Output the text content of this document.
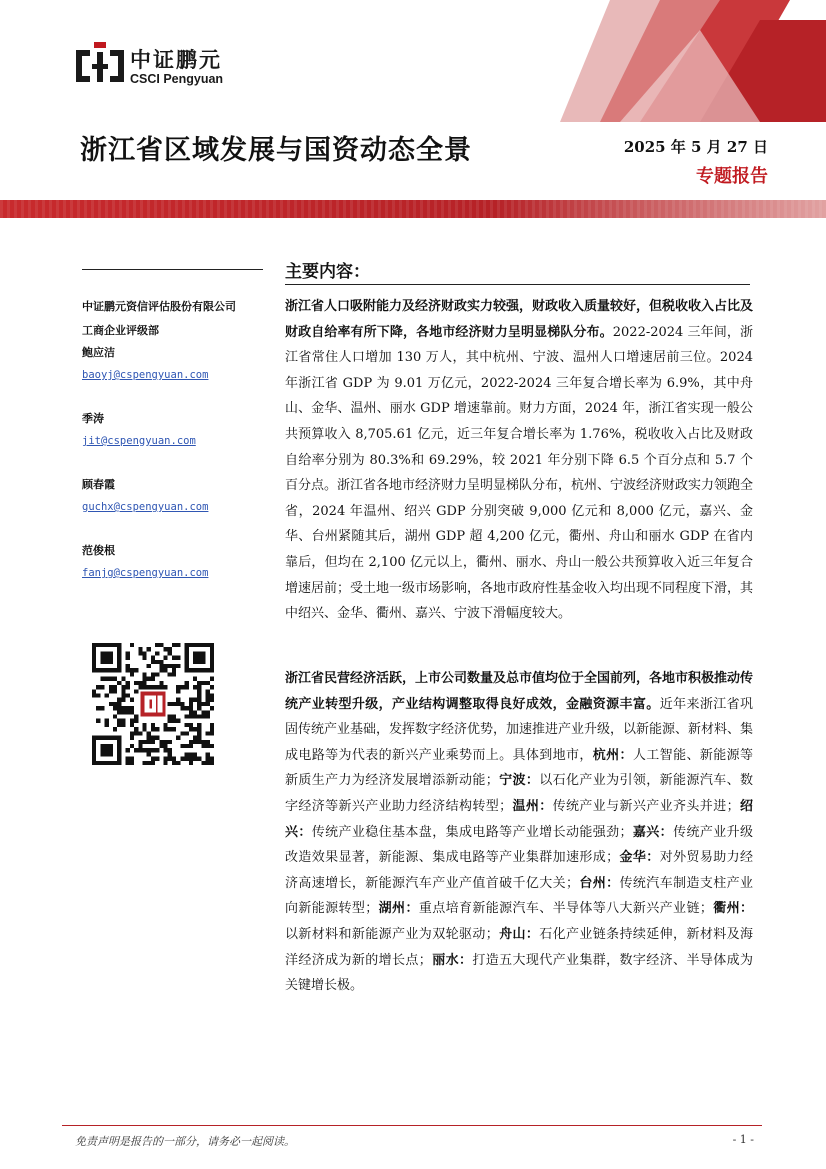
中证鹏元
CSCI Pengyuan
浙江省区域发展与国资动态全景	2025 年 5 月 27 日
专题报告
中证鹏元资信评估股份有限公司
工商企业评级部
鲍应洁
baoyj@cspengyuan.com
季涛
jit@cspengyuan.com
顾春霞
guchx@cspengyuan.com
范俊根
fanjg@cspengyuan.com
主要内容：
浙江省人口吸附能力及经济财政实力较强，财政收入质量较好，但税收收入占比及财政自给率有所下降，各地市经济财力呈明显梯队分布。2022-2024 三年间，浙江省常住人口增加 130 万人，其中杭州、宁波、温州人口增速居前三位。2024 年浙江省 GDP 为 9.01 万亿元，2022-2024 三年复合增长率为 6.9%，其中舟山、金华、温州、丽水 GDP 增速靠前。财力方面，2024 年，浙江省实现一般公共预算收入 8,705.61 亿元，近三年复合增长率为 1.76%，税收收入占比及财政自给率分别为 80.3%和 69.29%，较 2021 年分别下降 6.5 个百分点和 5.7 个百分点。浙江省各地市经济财力呈明显梯队分布，杭州、宁波经济财政实力领跑全省，2024 年温州、绍兴 GDP 分别突破 9,000 亿元和 8,000 亿元，嘉兴、金华、台州紧随其后，湖州 GDP 超 4,200 亿元，衢州、舟山和丽水 GDP 在省内靠后，但均在 2,100 亿元以上，衢州、丽水、舟山一般公共预算收入近三年复合增速居前；受土地一级市场影响，各地市政府性基金收入均出现不同程度下滑，其中绍兴、金华、衢州、嘉兴、宁波下滑幅度较大。
浙江省民营经济活跃，上市公司数量及总市值均位于全国前列，各地市积极推动传统产业转型升级，产业结构调整取得良好成效，金融资源丰富。近年来浙江省巩固传统产业基础，发挥数字经济优势，加速推进产业升级，以新能源、新材料、集成电路等为代表的新兴产业乘势而上。具体到地市，杭州：人工智能、新能源等新质生产力为经济发展增添新动能；宁波：以石化产业为引领，新能源汽车、数字经济等新兴产业助力经济结构转型；温州：传统产业与新兴产业齐头并进；绍兴：传统产业稳住基本盘，集成电路等产业增长动能强劲；嘉兴：传统产业升级改造效果显著，新能源、集成电路等产业集群加速形成；金华：对外贸易助力经济高速增长，新能源汽车产业产值首破千亿大关；台州：传统汽车制造支柱产业向新能源转型；湖州：重点培育新能源汽车、半导体等八大新兴产业链；衢州：以新材料和新能源产业为双轮驱动；舟山：石化产业链条持续延伸，新材料及海洋经济成为新的增长点；丽水：打造五大现代产业集群，数字经济、半导体成为关键增长极。
免责声明是报告的一部分，请务必一起阅读。	- 1 -
